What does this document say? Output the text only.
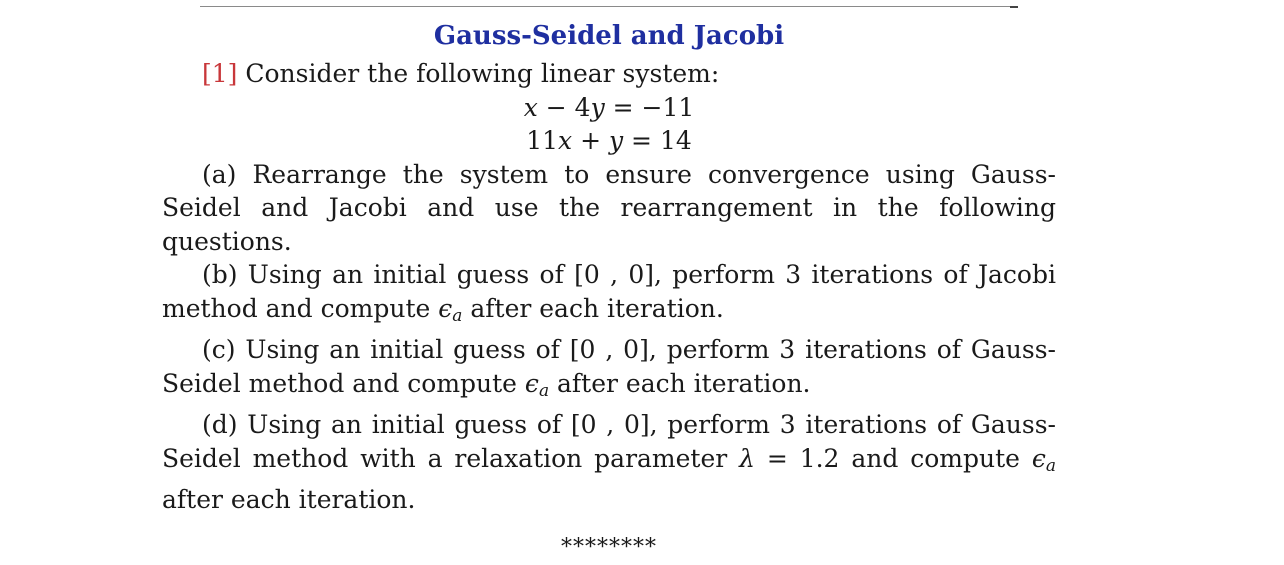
Gauss-Seidel and Jacobi
[1] Consider the following linear system:
x − 4y = −11
11x + y = 14
(a) Rearrange the system to ensure convergence using Gauss-Seidel and Jacobi and use the rearrangement in the following questions.
(b) Using an initial guess of [0 , 0], perform 3 iterations of Jacobi method and compute $\epsilon_a$ after each iteration.
(c) Using an initial guess of [0 , 0], perform 3 iterations of Gauss-Seidel method and compute $\epsilon_a$ after each iteration.
(d) Using an initial guess of [0 , 0], perform 3 iterations of Gauss-Seidel method with a relaxation parameter λ = 1.2 and compute $\epsilon_a$ after each iteration.
********
